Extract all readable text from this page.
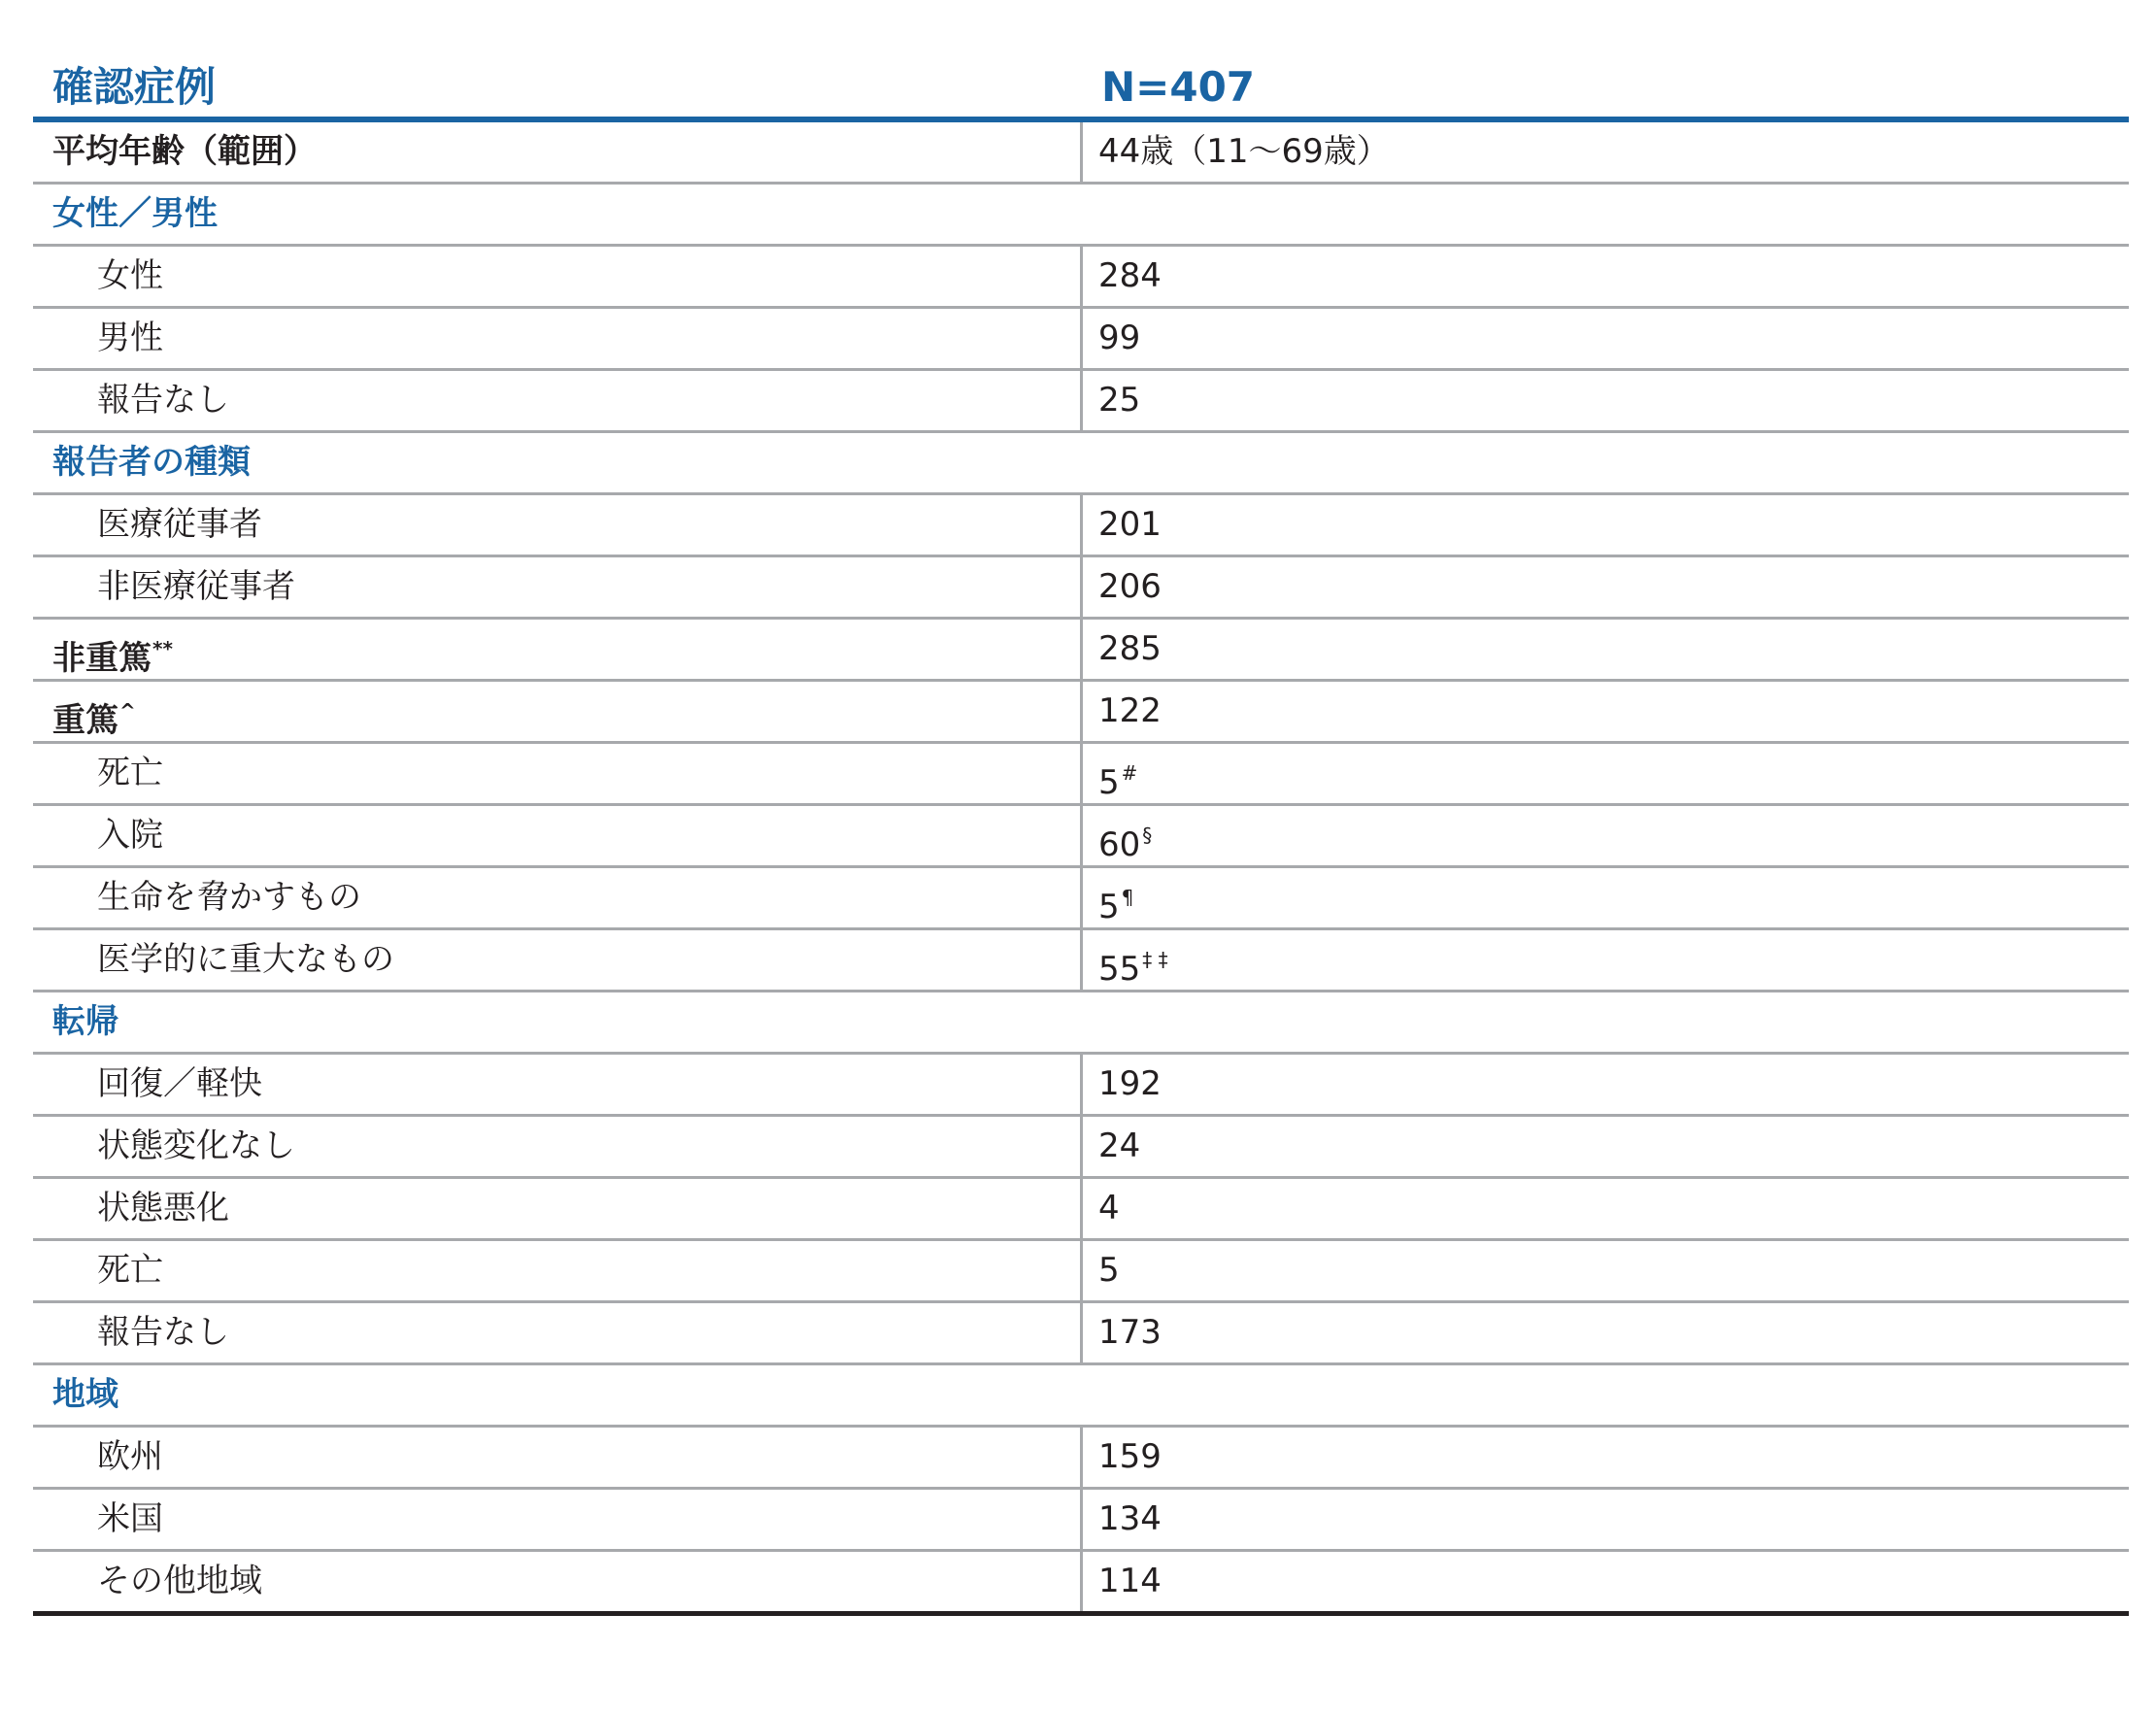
確認症例	N=407
平均年齢（範囲）	44歳（11〜69歳）
女性／男性
女性	284
男性	99
報告なし	25
報告者の種類
医療従事者	201
非医療従事者	206
非重篤**	285
重篤^	122
死亡	5 #
入院	60 §
生命を脅かすもの	5 ¶
医学的に重大なもの	55 ‡ ‡
転帰
回復／軽快	192
状態変化なし	24
状態悪化	4
死亡	5
報告なし	173
地域
欧州	159
米国	134
その他地域	114
